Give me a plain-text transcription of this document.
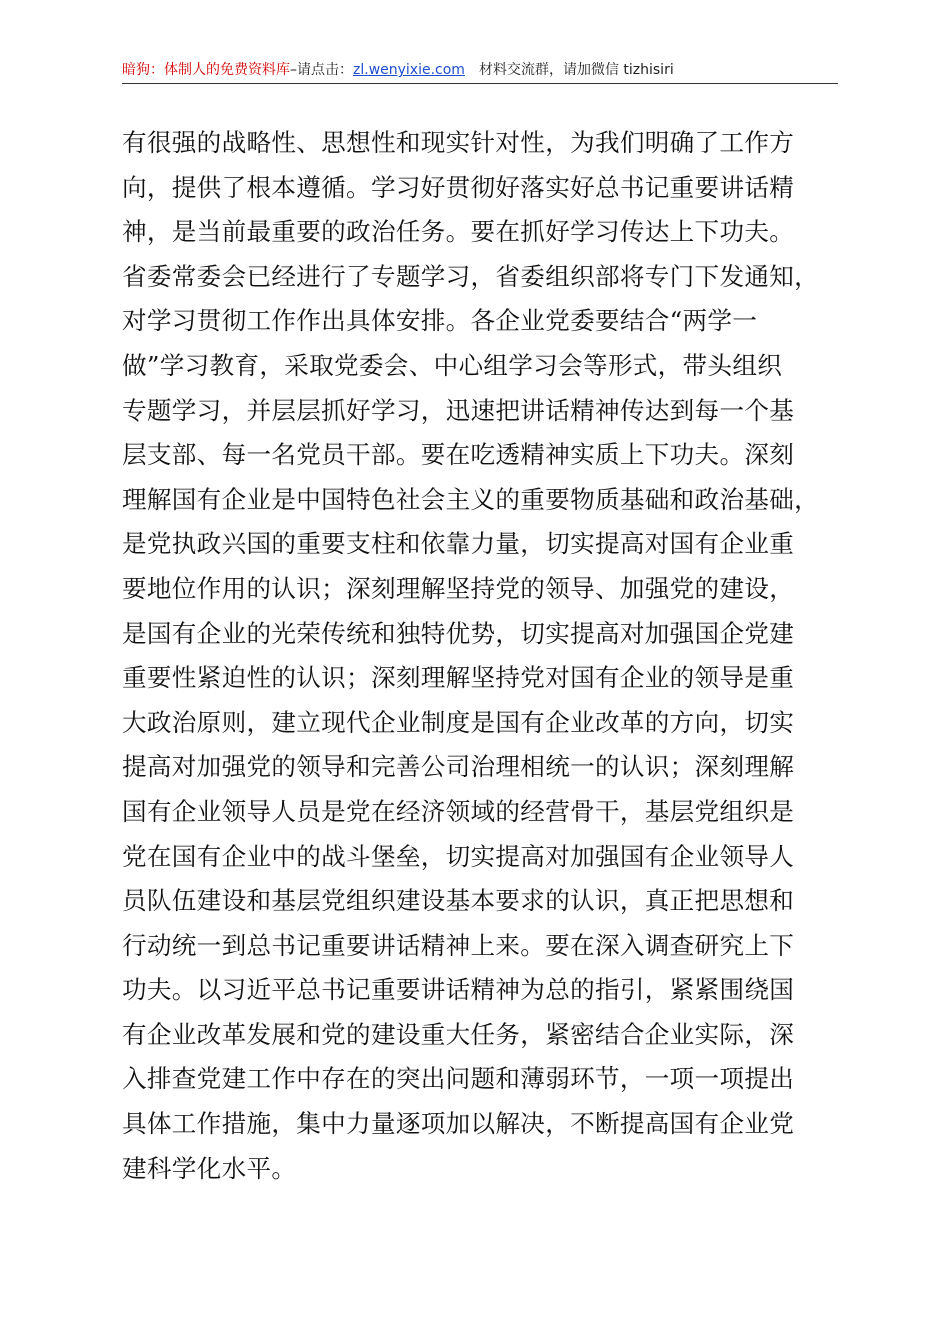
暗狗：体制人的免费资料库–请点击：zl.wenyixie.com 材料交流群，请加微信 tizhisiri
有很强的战略性、思想性和现实针对性，为我们明确了工作方
向，提供了根本遵循。学习好贯彻好落实好总书记重要讲话精
神，是当前最重要的政治任务。要在抓好学习传达上下功夫。
省委常委会已经进行了专题学习，省委组织部将专门下发通知，
对学习贯彻工作作出具体安排。各企业党委要结合“两学一
做”学习教育，采取党委会、中心组学习会等形式，带头组织
专题学习，并层层抓好学习，迅速把讲话精神传达到每一个基
层支部、每一名党员干部。要在吃透精神实质上下功夫。深刻
理解国有企业是中国特色社会主义的重要物质基础和政治基础，
是党执政兴国的重要支柱和依靠力量，切实提高对国有企业重
要地位作用的认识；深刻理解坚持党的领导、加强党的建设，
是国有企业的光荣传统和独特优势，切实提高对加强国企党建
重要性紧迫性的认识；深刻理解坚持党对国有企业的领导是重
大政治原则，建立现代企业制度是国有企业改革的方向，切实
提高对加强党的领导和完善公司治理相统一的认识；深刻理解
国有企业领导人员是党在经济领域的经营骨干，基层党组织是
党在国有企业中的战斗堡垒，切实提高对加强国有企业领导人
员队伍建设和基层党组织建设基本要求的认识，真正把思想和
行动统一到总书记重要讲话精神上来。要在深入调查研究上下
功夫。以习近平总书记重要讲话精神为总的指引，紧紧围绕国
有企业改革发展和党的建设重大任务，紧密结合企业实际，深
入排查党建工作中存在的突出问题和薄弱环节，一项一项提出
具体工作措施，集中力量逐项加以解决，不断提高国有企业党
建科学化水平。
